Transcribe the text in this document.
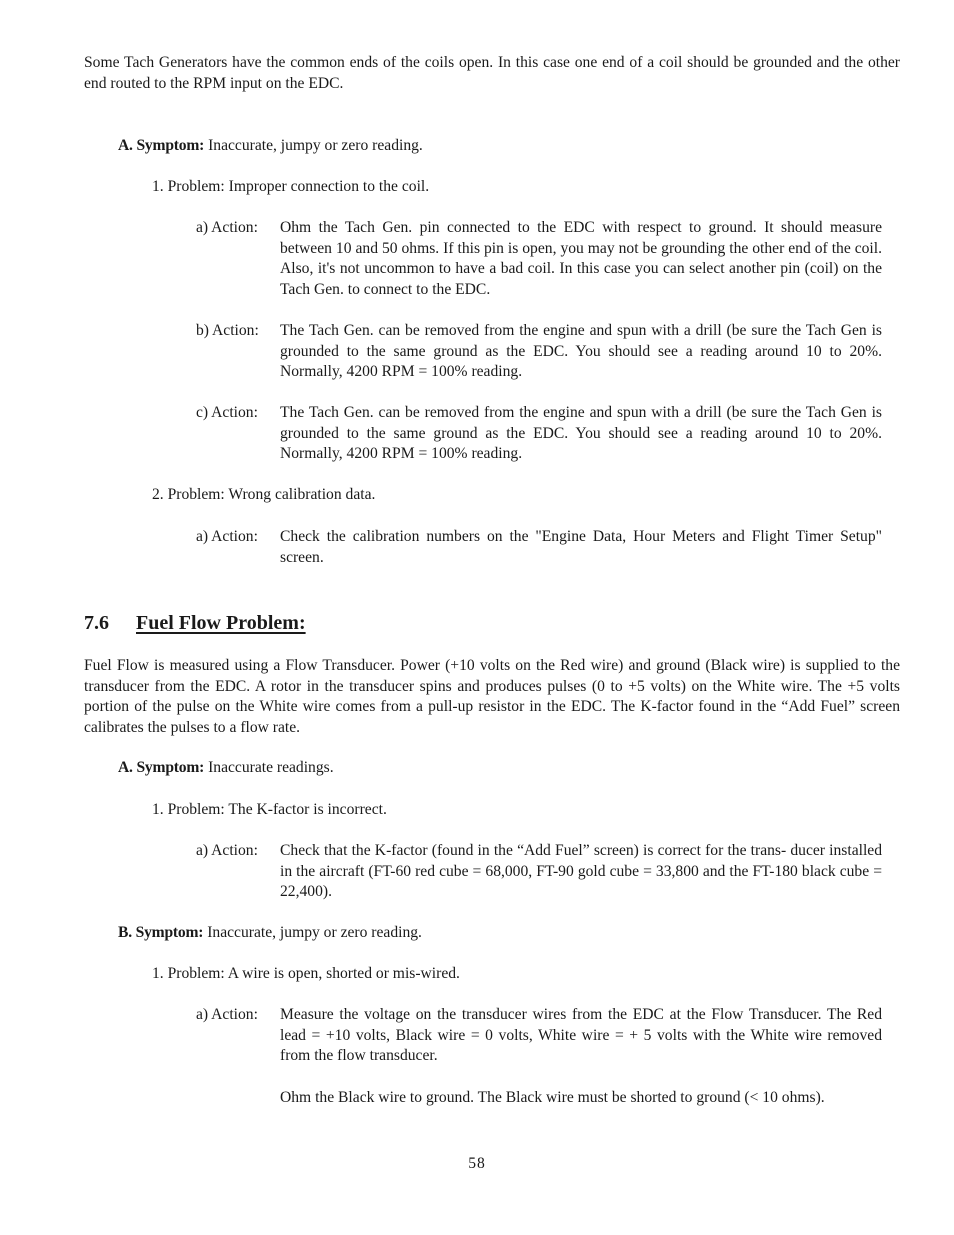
Some Tach Generators have the common ends of the coils open. In this case one end of a coil should be grounded and the other end routed to the RPM input on the EDC.

A. Symptom: Inaccurate, jumpy or zero reading.

1. Problem: Improper connection to the coil.

a) Action:	Ohm the Tach Gen. pin connected to the EDC with respect to ground. It should measure between 10 and 50 ohms. If this pin is open, you may not be grounding the other end of the coil. Also, it's not uncommon to have a bad coil. In this case you can select another pin (coil) on the Tach Gen. to connect to the EDC.
b) Action:	The Tach Gen. can be removed from the engine and spun with a drill (be sure the Tach Gen is grounded to the same ground as the EDC. You should see a reading around 10 to 20%. Normally, 4200 RPM = 100% reading.
c) Action:	The Tach Gen. can be removed from the engine and spun with a drill (be sure the Tach Gen is grounded to the same ground as the EDC. You should see a reading around 10 to 20%. Normally, 4200 RPM = 100% reading.

2. Problem: Wrong calibration data.

a) Action:	Check the calibration numbers on the "Engine Data, Hour Meters and Flight Timer Setup" screen.
7.6 Fuel Flow Problem:

Fuel Flow is measured using a Flow Transducer. Power (+10 volts on the Red wire) and ground (Black wire) is supplied to the transducer from the EDC. A rotor in the transducer spins and produces pulses (0 to +5 volts) on the White wire. The +5 volts portion of the pulse on the White wire comes from a pull-up resistor in the EDC. The K-factor found in the “Add Fuel” screen calibrates the pulses to a flow rate.

A. Symptom: Inaccurate readings.

1. Problem: The K-factor is incorrect.

a) Action:	Check that the K-factor (found in the “Add Fuel” screen) is correct for the trans- ducer installed in the aircraft (FT-60 red cube = 68,000, FT-90 gold cube = 33,800 and the FT-180 black cube = 22,400).

B. Symptom: Inaccurate, jumpy or zero reading.

1. Problem: A wire is open, shorted or mis-wired.

a) Action:	Measure the voltage on the transducer wires from the EDC at the Flow Transducer. The Red lead = +10 volts, Black wire = 0 volts, White wire = + 5 volts with the White wire removed from the flow transducer.
Ohm the Black wire to ground. The Black wire must be shorted to ground (< 10 ohms).
58
